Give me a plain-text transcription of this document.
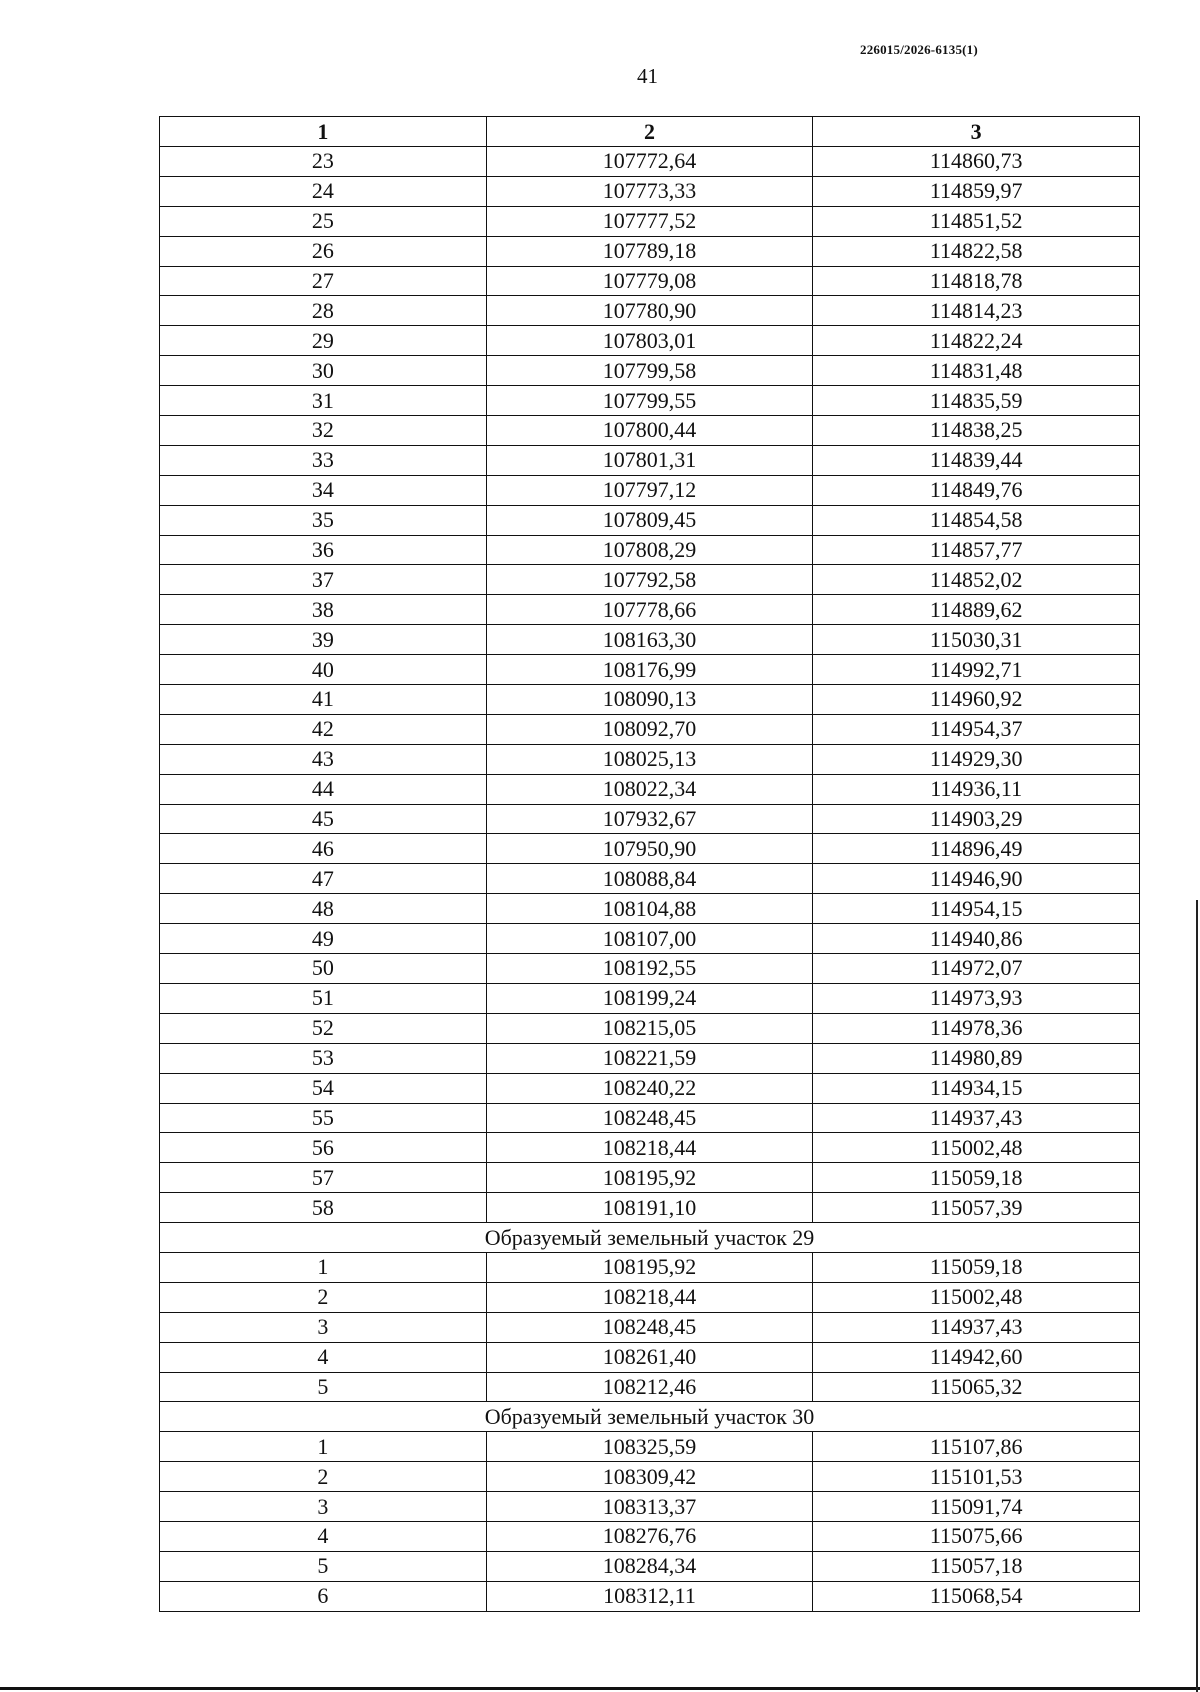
226015/2026-6135(1)
41
1	2	3
23	107772,64	114860,73
24	107773,33	114859,97
25	107777,52	114851,52
26	107789,18	114822,58
27	107779,08	114818,78
28	107780,90	114814,23
29	107803,01	114822,24
30	107799,58	114831,48
31	107799,55	114835,59
32	107800,44	114838,25
33	107801,31	114839,44
34	107797,12	114849,76
35	107809,45	114854,58
36	107808,29	114857,77
37	107792,58	114852,02
38	107778,66	114889,62
39	108163,30	115030,31
40	108176,99	114992,71
41	108090,13	114960,92
42	108092,70	114954,37
43	108025,13	114929,30
44	108022,34	114936,11
45	107932,67	114903,29
46	107950,90	114896,49
47	108088,84	114946,90
48	108104,88	114954,15
49	108107,00	114940,86
50	108192,55	114972,07
51	108199,24	114973,93
52	108215,05	114978,36
53	108221,59	114980,89
54	108240,22	114934,15
55	108248,45	114937,43
56	108218,44	115002,48
57	108195,92	115059,18
58	108191,10	115057,39
Образуемый земельный участок 29		
1	108195,92	115059,18
2	108218,44	115002,48
3	108248,45	114937,43
4	108261,40	114942,60
5	108212,46	115065,32
Образуемый земельный участок 30		
1	108325,59	115107,86
2	108309,42	115101,53
3	108313,37	115091,74
4	108276,76	115075,66
5	108284,34	115057,18
6	108312,11	115068,54
